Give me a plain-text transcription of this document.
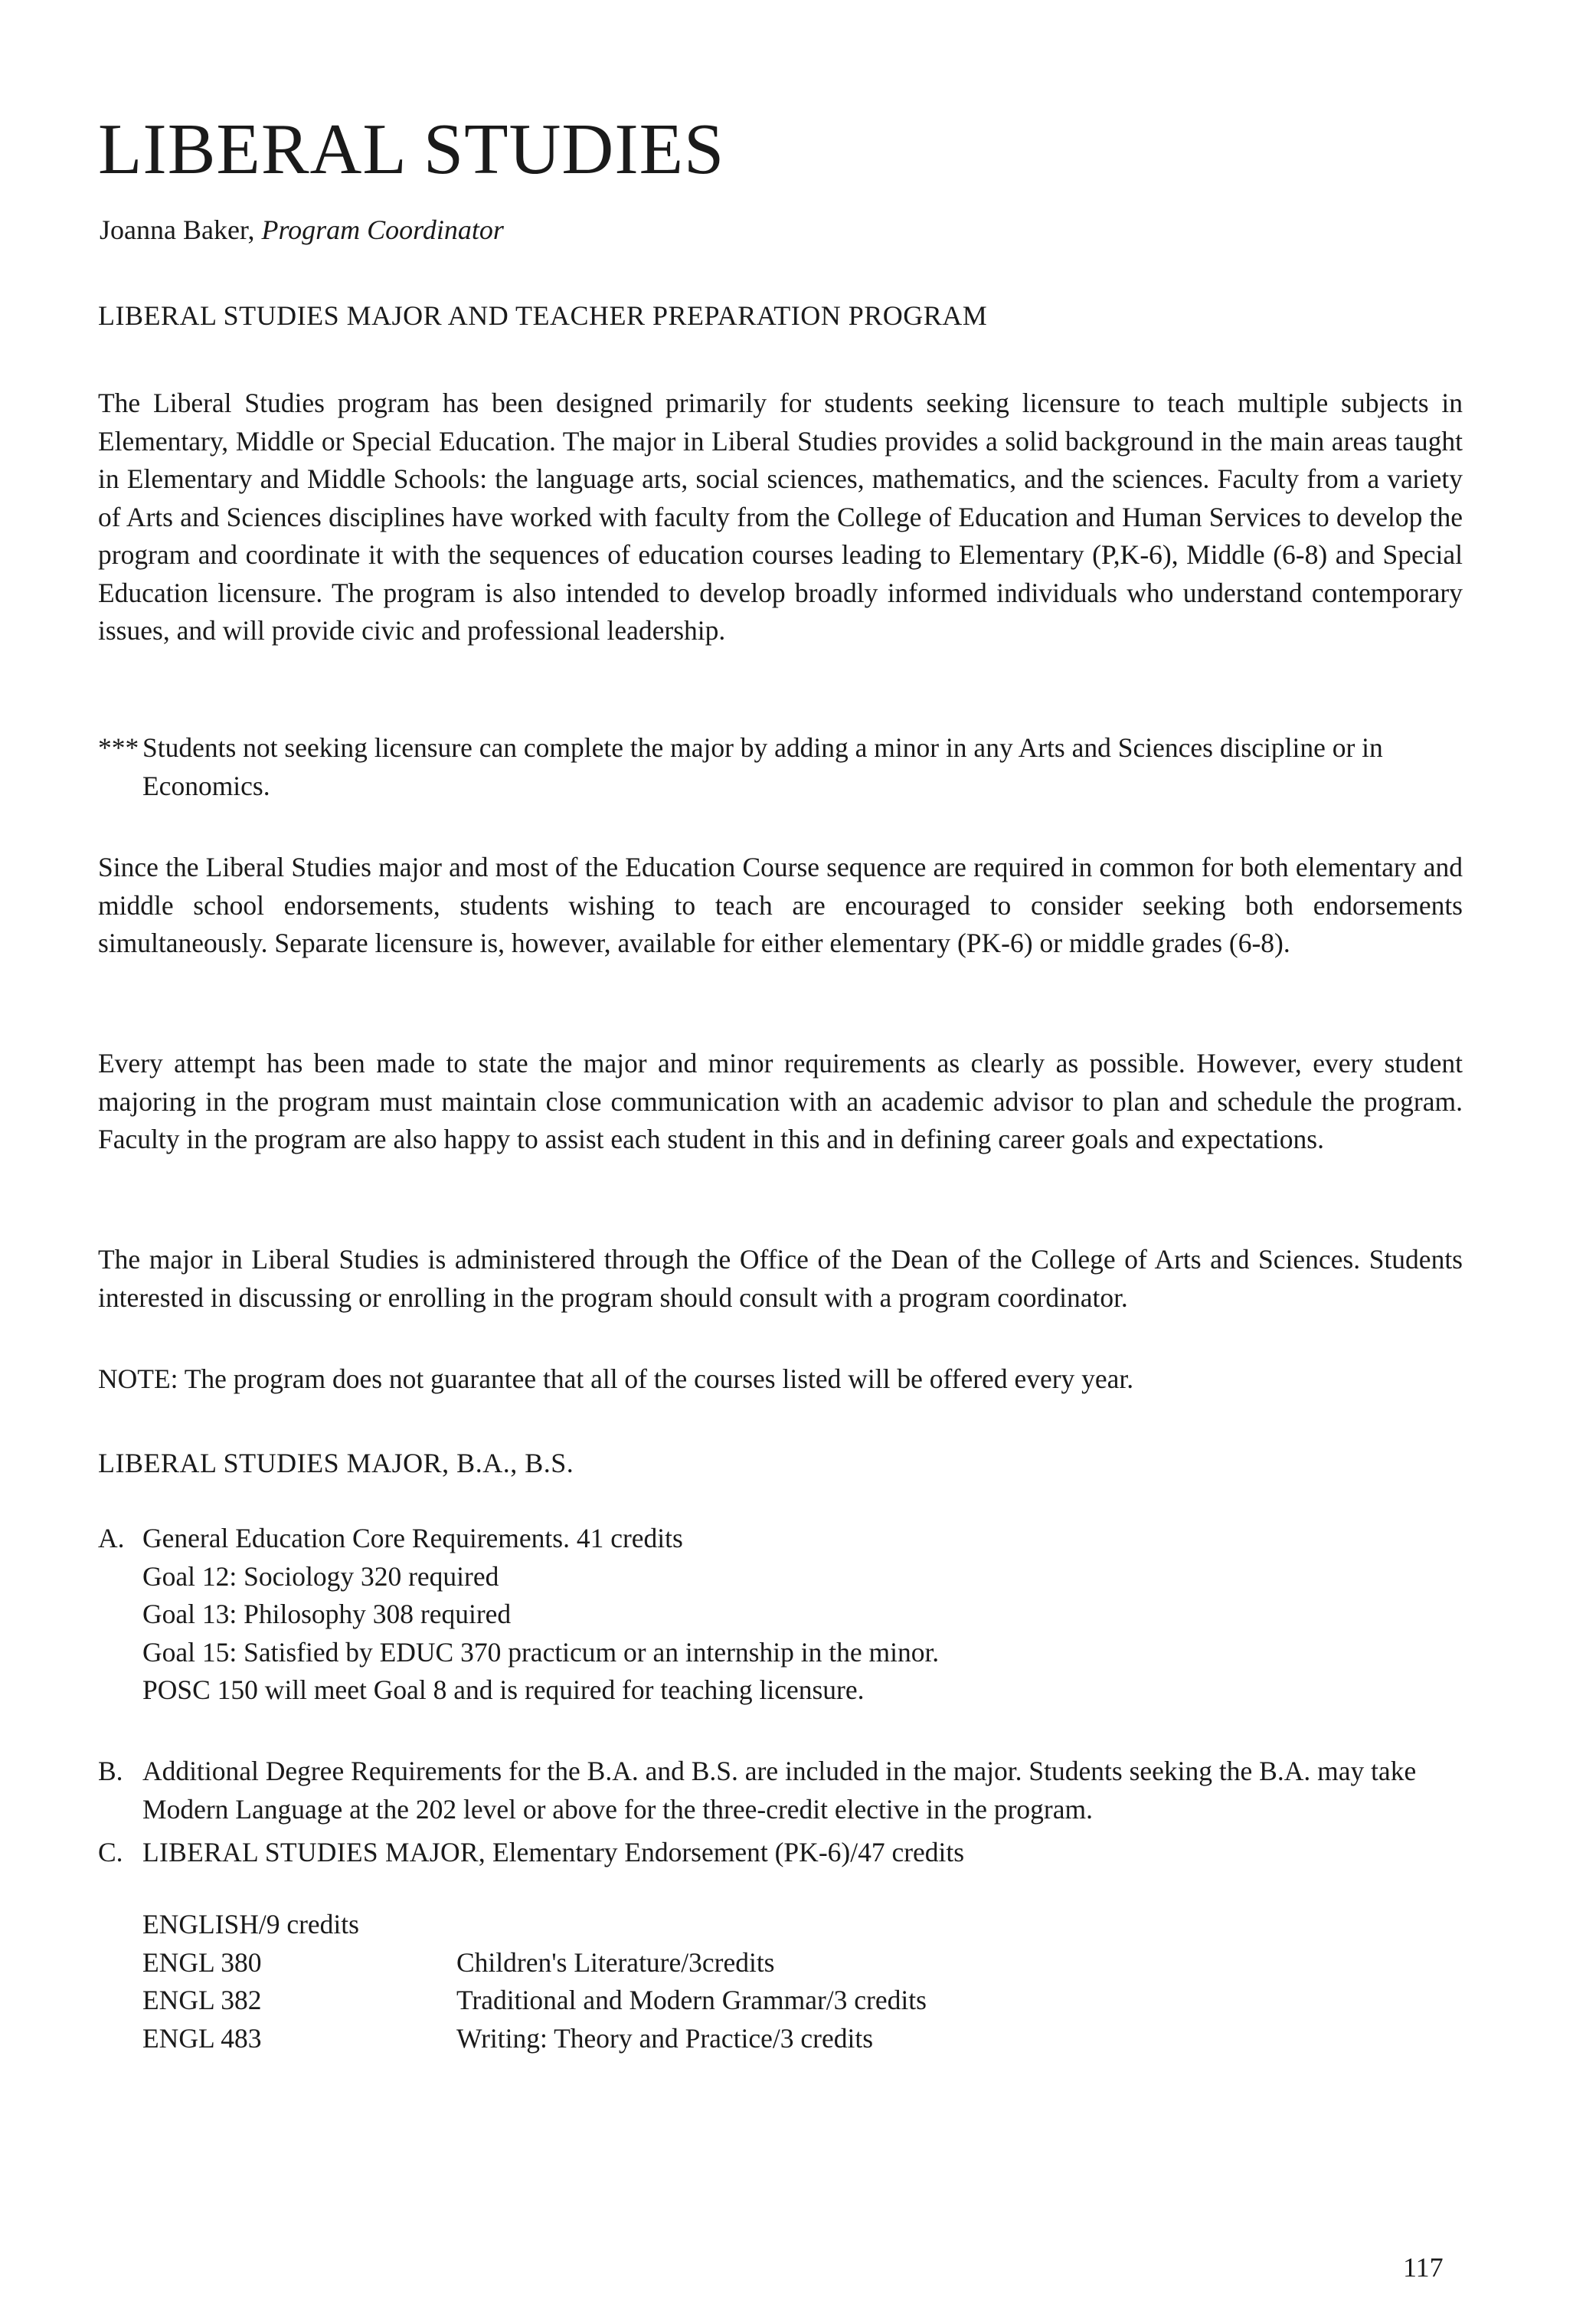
LIBERAL STUDIES
Joanna Baker, Program Coordinator
LIBERAL STUDIES MAJOR AND TEACHER PREPARATION PROGRAM

The Liberal Studies program has been designed primarily for students seeking licensure to teach multiple subjects in Elementary, Middle or Special Education. The major in Liberal Studies provides a solid background in the main areas taught in Elementary and Middle Schools: the language arts, social sciences, mathematics, and the sciences. Faculty from a variety of Arts and Sciences disciplines have worked with faculty from the College of Education and Human Services to develop the program and coordinate it with the sequences of education courses leading to Elementary (P,K-6), Middle (6-8) and Special Education licensure. The program is also intended to develop broadly informed individuals who understand contemporary issues, and will provide civic and professional leadership.

*** Students not seeking licensure can complete the major by adding a minor in any Arts and Sciences discipline or in Economics.

Since the Liberal Studies major and most of the Education Course sequence are required in common for both elementary and middle school endorsements, students wishing to teach are encouraged to consider seeking both endorsements simultaneously. Separate licensure is, however, available for either elementary (PK-6) or middle grades (6-8).

Every attempt has been made to state the major and minor requirements as clearly as possible. However, every student majoring in the program must maintain close communication with an academic advisor to plan and schedule the program. Faculty in the program are also happy to assist each student in this and in defining career goals and expectations.

The major in Liberal Studies is administered through the Office of the Dean of the College of Arts and Sciences. Students interested in discussing or enrolling in the program should consult with a program coordinator.

NOTE: The program does not guarantee that all of the courses listed will be offered every year.

LIBERAL STUDIES MAJOR, B.A., B.S.
A. General Education Core Requirements. 41 credits
Goal 12: Sociology 320 required
Goal 13: Philosophy 308 required
Goal 15: Satisfied by EDUC 370 practicum or an internship in the minor.
POSC 150 will meet Goal 8 and is required for teaching licensure.
B. Additional Degree Requirements for the B.A. and B.S. are included in the major. Students seeking the B.A. may take Modern Language at the 202 level or above for the three-credit elective in the program.
C. LIBERAL STUDIES MAJOR, Elementary Endorsement (PK-6)/47 credits
ENGLISH/9 credits
ENGL 380	Children's Literature/3credits
ENGL 382	Traditional and Modern Grammar/3 credits
ENGL 483	Writing: Theory and Practice/3 credits
117
